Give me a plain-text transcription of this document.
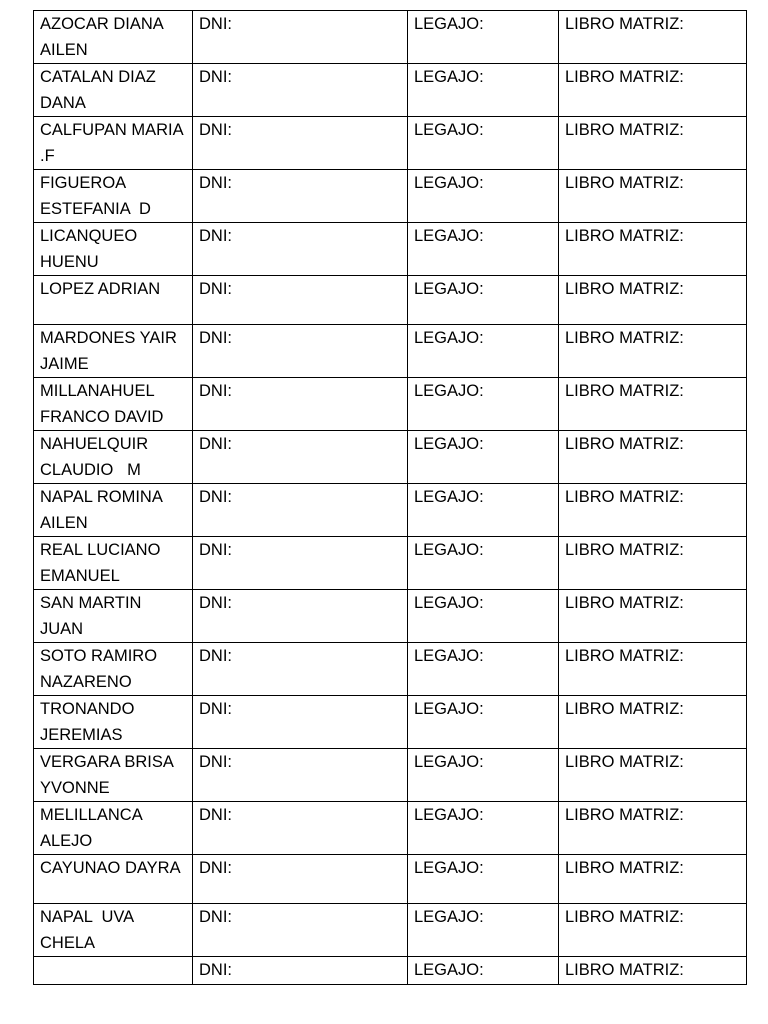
AZOCAR DIANA AILEN	DNI:	LEGAJO:	LIBRO MATRIZ:
CATALAN DIAZ DANA	DNI:	LEGAJO:	LIBRO MATRIZ:
CALFUPAN MARIA   .F	DNI:	LEGAJO:	LIBRO MATRIZ:
FIGUEROA ESTEFANIA  D	DNI:	LEGAJO:	LIBRO MATRIZ:
LICANQUEO HUENU	DNI:	LEGAJO:	LIBRO MATRIZ:
LOPEZ ADRIAN	DNI:	LEGAJO:	LIBRO MATRIZ:
MARDONES YAIR JAIME	DNI:	LEGAJO:	LIBRO MATRIZ:
MILLANAHUEL FRANCO DAVID	DNI:	LEGAJO:	LIBRO MATRIZ:
NAHUELQUIR CLAUDIO   M	DNI:	LEGAJO:	LIBRO MATRIZ:
NAPAL ROMINA AILEN	DNI:	LEGAJO:	LIBRO MATRIZ:
REAL LUCIANO EMANUEL	DNI:	LEGAJO:	LIBRO MATRIZ:
SAN MARTIN JUAN	DNI:	LEGAJO:	LIBRO MATRIZ:
SOTO RAMIRO NAZARENO	DNI:	LEGAJO:	LIBRO MATRIZ:
TRONANDO JEREMIAS	DNI:	LEGAJO:	LIBRO MATRIZ:
VERGARA BRISA YVONNE	DNI:	LEGAJO:	LIBRO MATRIZ:
MELILLANCA ALEJO	DNI:	LEGAJO:	LIBRO MATRIZ:
CAYUNAO DAYRA	DNI:	LEGAJO:	LIBRO MATRIZ:
NAPAL  UVA CHELA	DNI:	LEGAJO:	LIBRO MATRIZ:
	DNI:	LEGAJO:	LIBRO MATRIZ:
